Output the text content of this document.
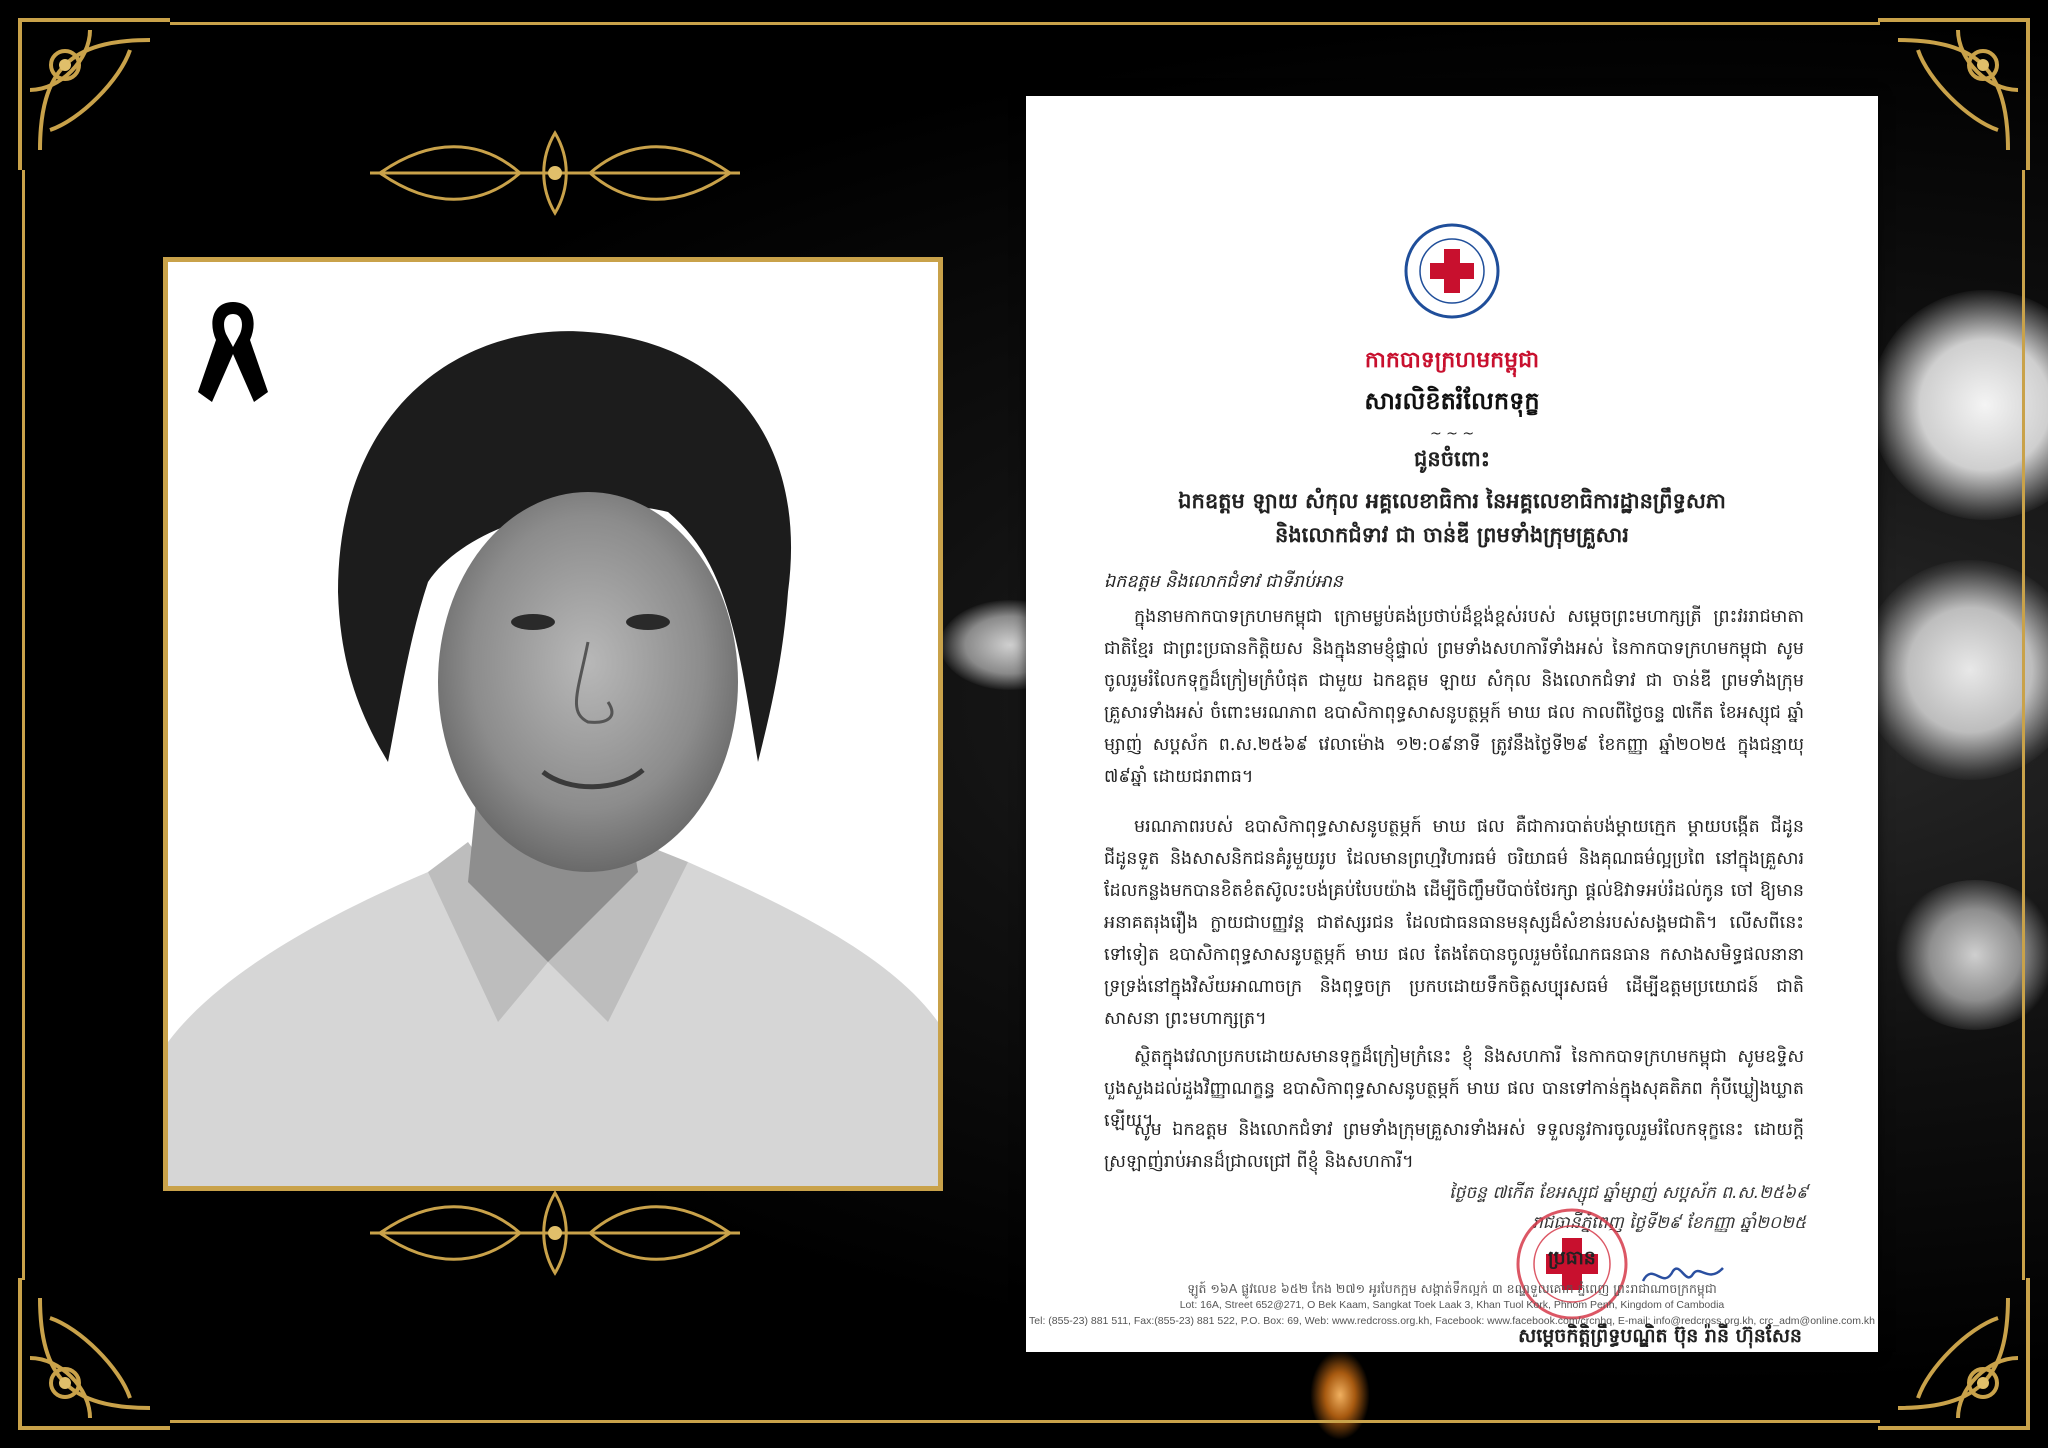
កាកបាទក្រហមកម្ពុជា
សារលិខិតរំលែកទុក្ខ
~ ~ ~
ជូនចំពោះ
ឯកឧត្តម ឡាយ សំកុល អគ្គលេខាធិការ នៃអគ្គលេខាធិការដ្ឋានព្រឹទ្ធសភា
និងលោកជំទាវ ជា ចាន់ឌី ព្រមទាំងក្រុមគ្រួសារ
ឯកឧត្តម និងលោកជំទាវ ជាទីរាប់អាន
ក្នុងនាមកាកបាទក្រហមកម្ពុជា ក្រោមម្លប់គង់ប្រថាប់ដ៏ខ្ពង់ខ្ពស់របស់ សម្តេចព្រះមហាក្សត្រី ព្រះវររាជមាតាជាតិខ្មែរ ជាព្រះប្រធានកិត្តិយស និងក្នុងនាមខ្ញុំផ្ទាល់ ព្រមទាំងសហការីទាំងអស់ នៃកាកបាទក្រហមកម្ពុជា សូមចូលរួមរំលែកទុក្ខដ៏ក្រៀមក្រំបំផុត ជាមួយ ឯកឧត្តម ឡាយ សំកុល និងលោកជំទាវ ជា ចាន់ឌី ព្រមទាំងក្រុមគ្រួសារទាំងអស់ ចំពោះមរណភាព ឧបាសិកាពុទ្ធសាសនូបត្ថម្ភក៍ មាឃ ផល កាលពីថ្ងៃចន្ទ ៧កើត ខែអស្សុជ ឆ្នាំម្សាញ់ សប្តស័ក ព.ស.២៥៦៩ វេលាម៉ោង ១២:០៩នាទី ត្រូវនឹងថ្ងៃទី២៩ ខែកញ្ញា ឆ្នាំ២០២៥ ក្នុងជន្មាយុ ៧៩ឆ្នាំ ដោយជរាពាធ។
មរណភាពរបស់ ឧបាសិកាពុទ្ធសាសនូបត្ថម្ភក៍ មាឃ ផល គឺជាការបាត់បង់ម្តាយក្មេក ម្តាយបង្កើត ជីដូន ជីដូនទួត និងសាសនិកជនគំរូមួយរូប ដែលមានព្រហ្មវិហារធម៌ ចរិយាធម៌ និងគុណធម៌ល្អប្រពៃ នៅក្នុងគ្រួសារ ដែលកន្លងមកបានខិតខំតស៊ូលះបង់គ្រប់បែបយ៉ាង ដើម្បីចិញ្ចឹមបីបាច់ថែរក្សា ផ្តល់ឱវាទអប់រំដល់កូន ចៅ ឱ្យមានអនាគតរុងរឿង ក្លាយជាបញ្ញវន្ត ជាឥស្សរជន ដែលជាធនធានមនុស្សដ៏សំខាន់របស់សង្គមជាតិ។ លើសពីនេះទៅទៀត ឧបាសិកាពុទ្ធសាសនូបត្ថម្ភក៍ មាឃ ផល តែងតែបានចូលរួមចំណែកធនធាន កសាងសមិទ្ធផលនានា ទ្រទ្រង់នៅក្នុងវិស័យអាណាចក្រ និងពុទ្ធចក្រ ប្រកបដោយទឹកចិត្តសប្បុរសធម៌ ដើម្បីឧត្តមប្រយោជន៍ ជាតិ សាសនា ព្រះមហាក្សត្រ។
ស្ថិតក្នុងវេលាប្រកបដោយសមានទុក្ខដ៏ក្រៀមក្រំនេះ ខ្ញុំ និងសហការី នៃកាកបាទក្រហមកម្ពុជា សូមឧទ្ទិសបួងសួងដល់ដួងវិញ្ញាណក្ខន្ធ ឧបាសិកាពុទ្ធសាសនូបត្ថម្ភក៍ មាឃ ផល បានទៅកាន់ក្នុងសុគតិភព កុំបីឃ្លៀងឃ្លាតឡើយ។
សូម ឯកឧត្តម និងលោកជំទាវ ព្រមទាំងក្រុមគ្រួសារទាំងអស់ ទទួលនូវការចូលរួមរំលែកទុក្ខនេះ ដោយក្តីស្រឡាញ់រាប់អានដ៏ជ្រាលជ្រៅ ពីខ្ញុំ និងសហការី។
ថ្ងៃចន្ទ ៧កើត ខែអស្សុជ ឆ្នាំម្សាញ់ សប្តស័ក ព.ស.២៥៦៩
រាជធានីភ្នំពេញ ថ្ងៃទី២៩ ខែកញ្ញា ឆ្នាំ២០២៥
ប្រធាន
សម្តេចកិត្តិព្រឹទ្ធបណ្ឌិត ប៊ុន រ៉ានី ហ៊ុនសែន
ឡូត៍ ១៦A ផ្លូវលេខ ៦៥២ កែង ២៧១ អូរបែកក្អម សង្កាត់ទឹកល្អក់ ៣ ខណ្ឌទួលគោក ភ្នំពេញ ព្រះរាជាណាចក្រកម្ពុជា
Lot: 16A, Street 652@271, O Bek Kaam, Sangkat Toek Laak 3, Khan Tuol Kork, Phnom Penh, Kingdom of Cambodia
Tel: (855-23) 881 511, Fax:(855-23) 881 522, P.O. Box: 69, Web: www.redcross.org.kh, Facebook: www.facebook.com/crcnhq, E-mail: info@redcross.org.kh, crc_adm@online.com.kh
